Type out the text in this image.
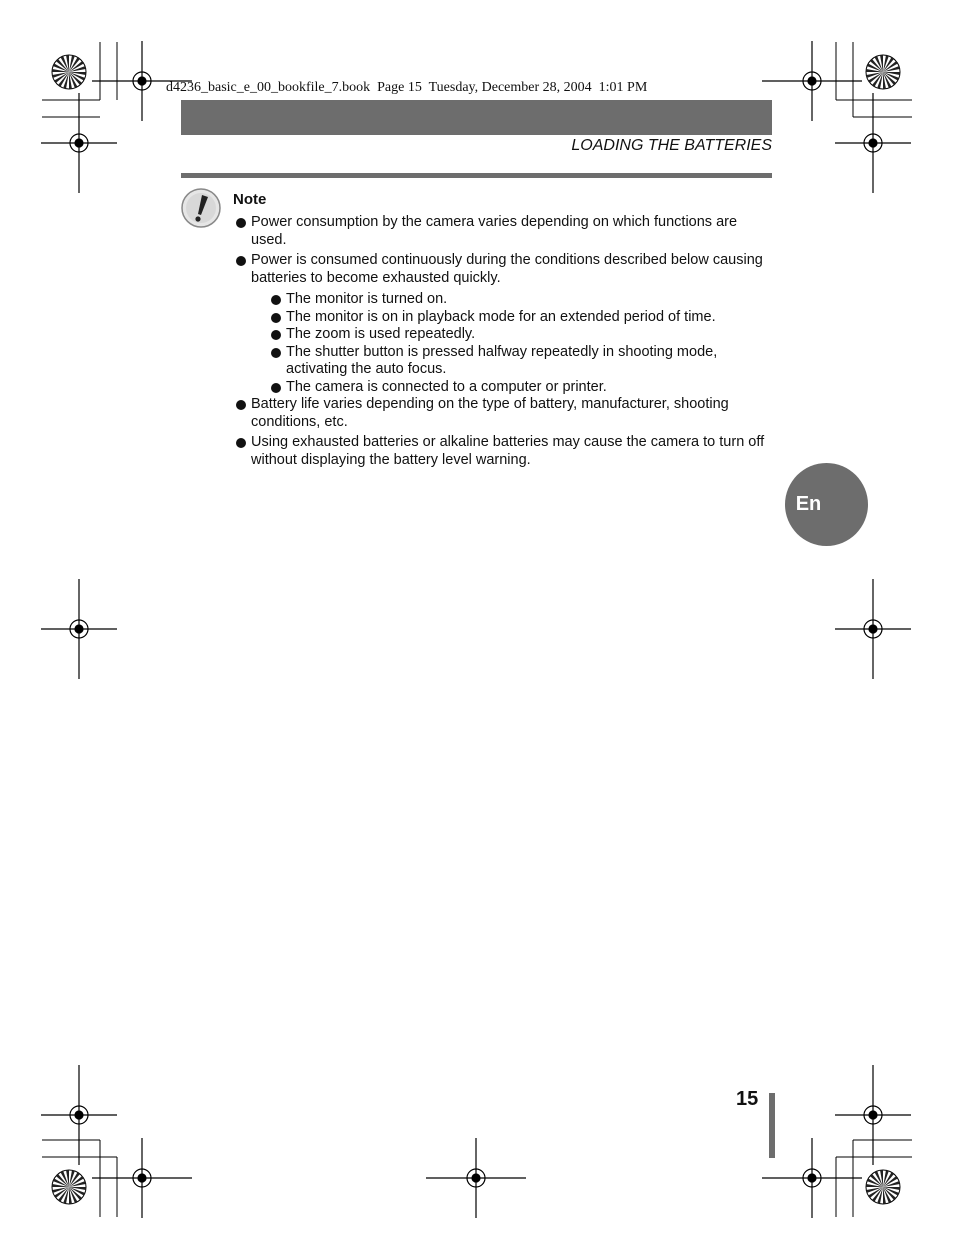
d4236_basic_e_00_bookfile_7.book  Page 15  Tuesday, December 28, 2004  1:01 PM
LOADING THE BATTERIES
Note
Power consumption by the camera varies depending on which functions are used.
Power is consumed continuously during the conditions described below causing batteries to become exhausted quickly.
The monitor is turned on.
The monitor is on in playback mode for an extended period of time.
The zoom is used repeatedly.
The shutter button is pressed halfway repeatedly in shooting mode, activating the auto focus.
The camera is connected to a computer or printer.
Battery life varies depending on the type of battery, manufacturer, shooting conditions, etc.
Using exhausted batteries or alkaline batteries may cause the camera to turn off without displaying the battery level warning.
En
15
